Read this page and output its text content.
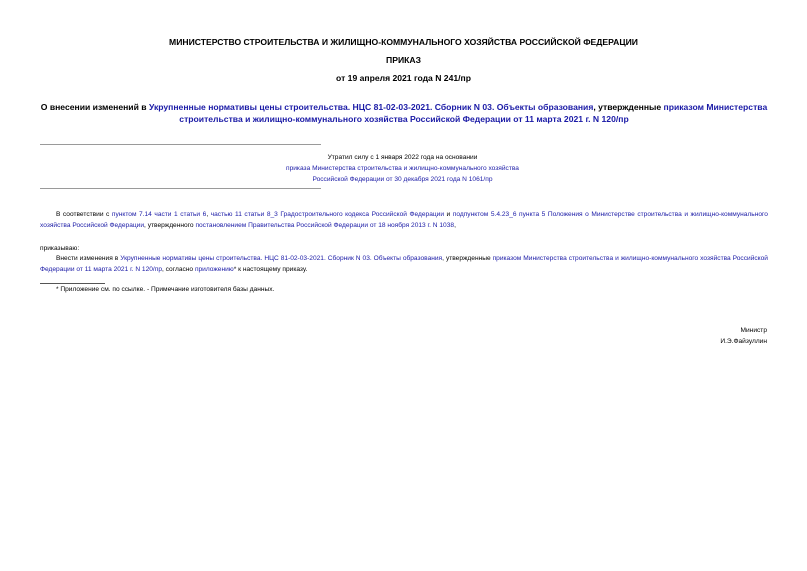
МИНИСТЕРСТВО СТРОИТЕЛЬСТВА И ЖИЛИЩНО-КОММУНАЛЬНОГО ХОЗЯЙСТВА РОССИЙСКОЙ ФЕДЕРАЦИИ
ПРИКАЗ
от 19 апреля 2021 года N 241/пр
О внесении изменений в Укрупненные нормативы цены строительства. НЦС 81-02-03-2021. Сборник N 03. Объекты образования, утвержденные приказом Министерства строительства и жилищно-коммунального хозяйства Российской Федерации от 11 марта 2021 г. N 120/пр
Утратил силу с 1 января 2022 года на основании
приказа Министерства строительства и жилищно-коммунального хозяйства
Российской Федерации от 30 декабря 2021 года N 1061/пр
В соответствии с пунктом 7.14 части 1 статьи 6, частью 11 статьи 8_3 Градостроительного кодекса Российской Федерации и подпунктом 5.4.23_6 пункта 5 Положения о Министерстве строительства и жилищно-коммунального хозяйства Российской Федерации, утвержденного постановлением Правительства Российской Федерации от 18 ноября 2013 г. N 1038,
приказываю:
Внести изменения в Укрупненные нормативы цены строительства. НЦС 81-02-03-2021. Сборник N 03. Объекты образования, утвержденные приказом Министерства строительства и жилищно-коммунального хозяйства Российской Федерации от 11 марта 2021 г. N 120/пр, согласно приложению* к настоящему приказу.
* Приложение см. по ссылке. - Примечание изготовителя базы данных.
Министр
И.Э.Файзуллин
